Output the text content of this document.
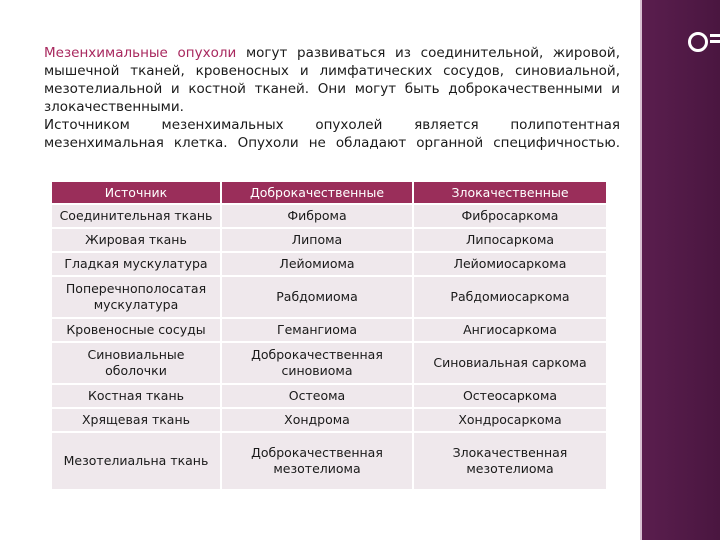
Мезенхимальные опухоли могут развиваться из соединительной, жировой, мышечной тканей, кровеносных и лимфатических сосудов, синовиальной, мезотелиальной и костной тканей. Они могут быть доброкачественными и злокачественными.

Источником мезенхимальных опухолей является полипотентная мезенхимальная клетка. Опухоли не обладают органной специфичностью.

Источник	Доброкачественные	Злокачественные
Соединительная ткань	Фиброма	Фибросаркома
Жировая ткань	Липома	Липосаркома
Гладкая мускулатура	Лейомиома	Лейомиосаркома
Поперечнополосатая мускулатура	Рабдомиома	Рабдомиосаркома
Кровеносные сосуды	Гемангиома	Ангиосаркома
Синовиальные оболочки	Доброкачественная синовиома	Синовиальная саркома
Костная ткань	Остеома	Остеосаркома
Хрящевая ткань	Хондрома	Хондросаркома
Мезотелиальна ткань	Доброкачественная мезотелиома	Злокачественная мезотелиома
